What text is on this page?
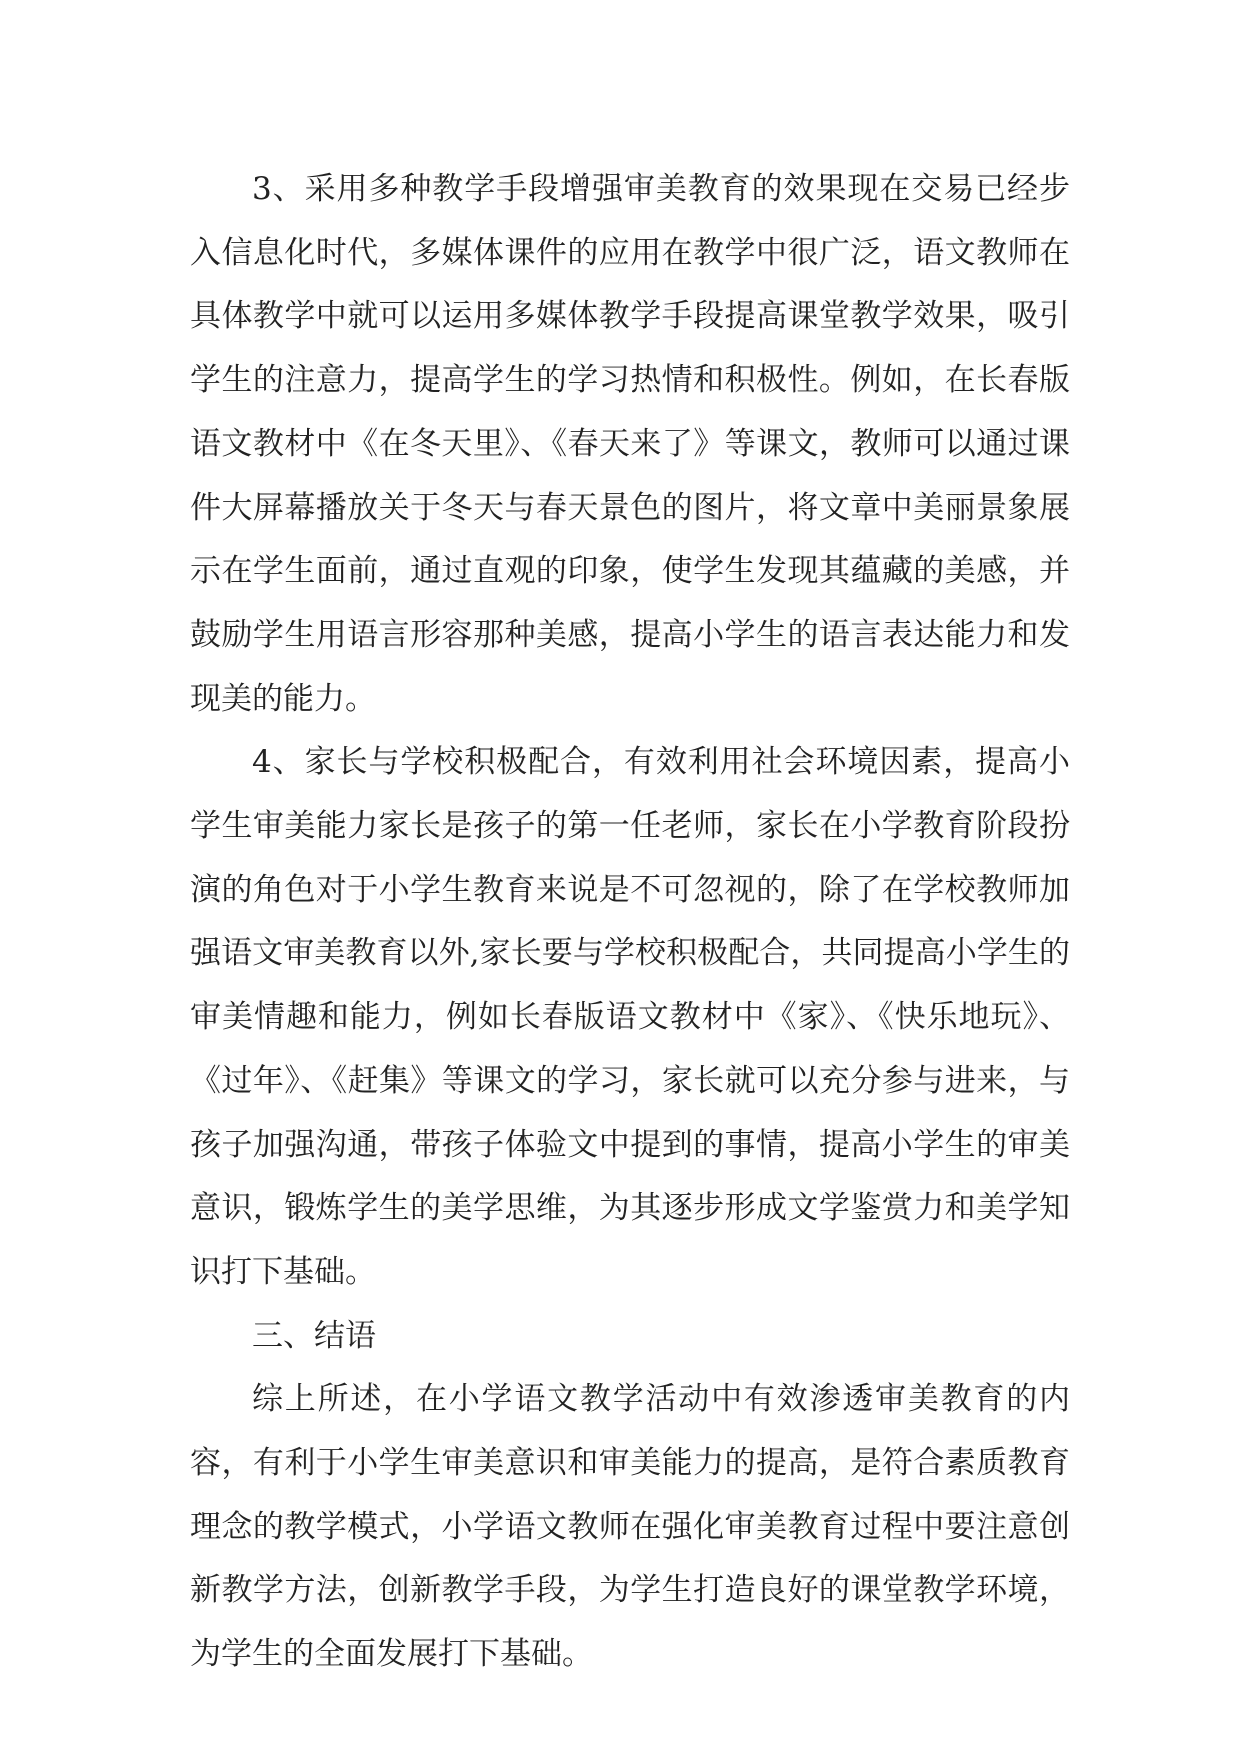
3、采用多种教学手段增强审美教育的效果现在交易已经步入信息化时代，多媒体课件的应用在教学中很广泛，语文教师在具体教学中就可以运用多媒体教学手段提高课堂教学效果，吸引学生的注意力，提高学生的学习热情和积极性。例如，在长春版语文教材中《在冬天里》、《春天来了》等课文，教师可以通过课件大屏幕播放关于冬天与春天景色的图片，将文章中美丽景象展示在学生面前，通过直观的印象，使学生发现其蕴藏的美感，并鼓励学生用语言形容那种美感，提高小学生的语言表达能力和发现美的能力。

4、家长与学校积极配合，有效利用社会环境因素，提高小学生审美能力家长是孩子的第一任老师，家长在小学教育阶段扮演的角色对于小学生教育来说是不可忽视的，除了在学校教师加强语文审美教育以外,家长要与学校积极配合，共同提高小学生的审美情趣和能力，例如长春版语文教材中《家》、《快乐地玩》、《过年》、《赶集》等课文的学习，家长就可以充分参与进来，与孩子加强沟通，带孩子体验文中提到的事情，提高小学生的审美意识，锻炼学生的美学思维，为其逐步形成文学鉴赏力和美学知识打下基础。

三、结语

综上所述，在小学语文教学活动中有效渗透审美教育的内容，有利于小学生审美意识和审美能力的提高，是符合素质教育理念的教学模式，小学语文教师在强化审美教育过程中要注意创新教学方法，创新教学手段，为学生打造良好的课堂教学环境，为学生的全面发展打下基础。
